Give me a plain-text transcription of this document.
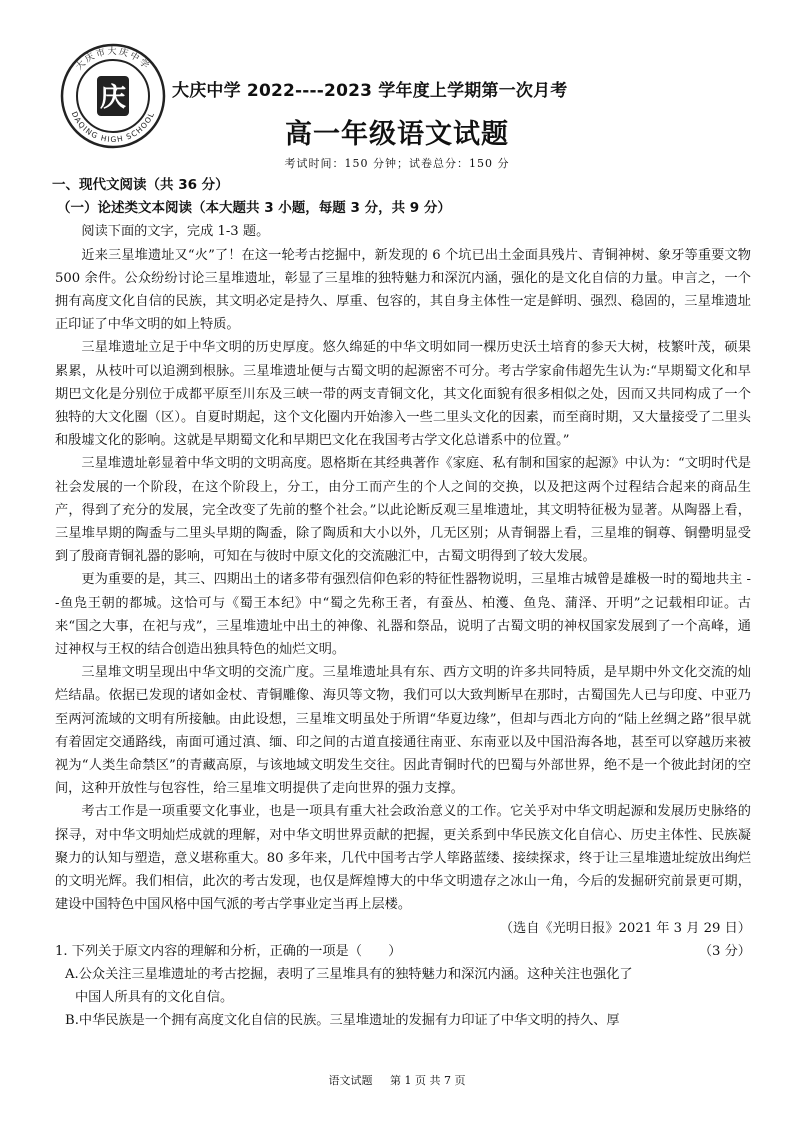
大庆市大庆中学
DAQING HIGH SCHOOL
庆	大庆中学 2022----2023 学年度上学期第一次月考
高一年级语文试题
考试时间：150 分钟；试卷总分：150 分
一、现代文阅读（共 36 分）
（一）论述类文本阅读（本大题共 3 小题，每题 3 分，共 9 分）
阅读下面的文字，完成 1-3 题。

近来三星堆遗址又“火”了！在这一轮考古挖掘中，新发现的 6 个坑已出土金面具残片、青铜神树、象牙等重要文物 500 余件。公众纷纷讨论三星堆遗址，彰显了三星堆的独特魅力和深沉内涵，强化的是文化自信的力量。申言之，一个拥有高度文化自信的民族，其文明必定是持久、厚重、包容的，其自身主体性一定是鲜明、强烈、稳固的，三星堆遗址正印证了中华文明的如上特质。

三星堆遗址立足于中华文明的历史厚度。悠久绵延的中华文明如同一棵历史沃土培育的参天大树，枝繁叶茂，硕果累累，从枝叶可以追溯到根脉。三星堆遗址便与古蜀文明的起源密不可分。考古学家俞伟超先生认为:“早期蜀文化和早期巴文化是分别位于成都平原至川东及三峡一带的两支青铜文化，其文化面貌有很多相似之处，因而又共同构成了一个独特的大文化圈（区）。自夏时期起，这个文化圈内开始渗入一些二里头文化的因素，而至商时期，又大量接受了二里头和殷墟文化的影响。这就是早期蜀文化和早期巴文化在我国考古学文化总谱系中的位置。”

三星堆遗址彰显着中华文明的文明高度。恩格斯在其经典著作《家庭、私有制和国家的起源》中认为：“文明时代是社会发展的一个阶段，在这个阶段上，分工，由分工而产生的个人之间的交换，以及把这两个过程结合起来的商品生产，得到了充分的发展，完全改变了先前的整个社会。”以此论断反观三星堆遗址，其文明特征极为显著。从陶器上看，三星堆早期的陶盉与二里头早期的陶盉，除了陶质和大小以外，几无区别；从青铜器上看，三星堆的铜尊、铜罍明显受到了殷商青铜礼器的影响，可知在与彼时中原文化的交流融汇中，古蜀文明得到了较大发展。

更为重要的是，其三、四期出土的诸多带有强烈信仰色彩的特征性器物说明，三星堆古城曾是雄极一时的蜀地共主 --鱼凫王朝的都城。这恰可与《蜀王本纪》中“蜀之先称王者，有蚕丛、柏濩、鱼凫、蒲泽、开明”之记载相印证。古来“国之大事，在祀与戎”，三星堆遗址中出土的神像、礼器和祭品，说明了古蜀文明的神权国家发展到了一个高峰，通过神权与王权的结合创造出独具特色的灿烂文明。

三星堆文明呈现出中华文明的交流广度。三星堆遗址具有东、西方文明的许多共同特质，是早期中外文化交流的灿烂结晶。依据已发现的诸如金杖、青铜雕像、海贝等文物，我们可以大致判断早在那时，古蜀国先人已与印度、中亚乃至两河流域的文明有所接触。由此设想，三星堆文明虽处于所谓“华夏边缘”，但却与西北方向的“陆上丝绸之路”很早就有着固定交通路线，南面可通过滇、缅、印之间的古道直接通往南亚、东南亚以及中国沿海各地，甚至可以穿越历来被视为“人类生命禁区”的青藏高原，与该地域文明发生交往。因此青铜时代的巴蜀与外部世界，绝不是一个彼此封闭的空间，这种开放性与包容性，给三星堆文明提供了走向世界的强力支撑。

考古工作是一项重要文化事业，也是一项具有重大社会政治意义的工作。它关乎对中华文明起源和发展历史脉络的探寻，对中华文明灿烂成就的理解，对中华文明世界贡献的把握，更关系到中华民族文化自信心、历史主体性、民族凝聚力的认知与塑造，意义堪称重大。80 多年来，几代中国考古学人筚路蓝缕、接续探求，终于让三星堆遗址绽放出绚烂的文明光辉。我们相信，此次的考古发现，也仅是辉煌博大的中华文明遗存之冰山一角，今后的发掘研究前景更可期，建设中国特色中国风格中国气派的考古学事业定当再上层楼。

（选自《光明日报》2021 年 3 月 29 日）
1. 下列关于原文内容的理解和分析，正确的一项是（　　）	（3 分）
A.公众关注三星堆遗址的考古挖掘，表明了三星堆具有的独特魅力和深沉内涵。这种关注也强化了
中国人所具有的文化自信。
B.中华民族是一个拥有高度文化自信的民族。三星堆遗址的发掘有力印证了中华文明的持久、厚
语文试题 第 1 页 共 7 页
